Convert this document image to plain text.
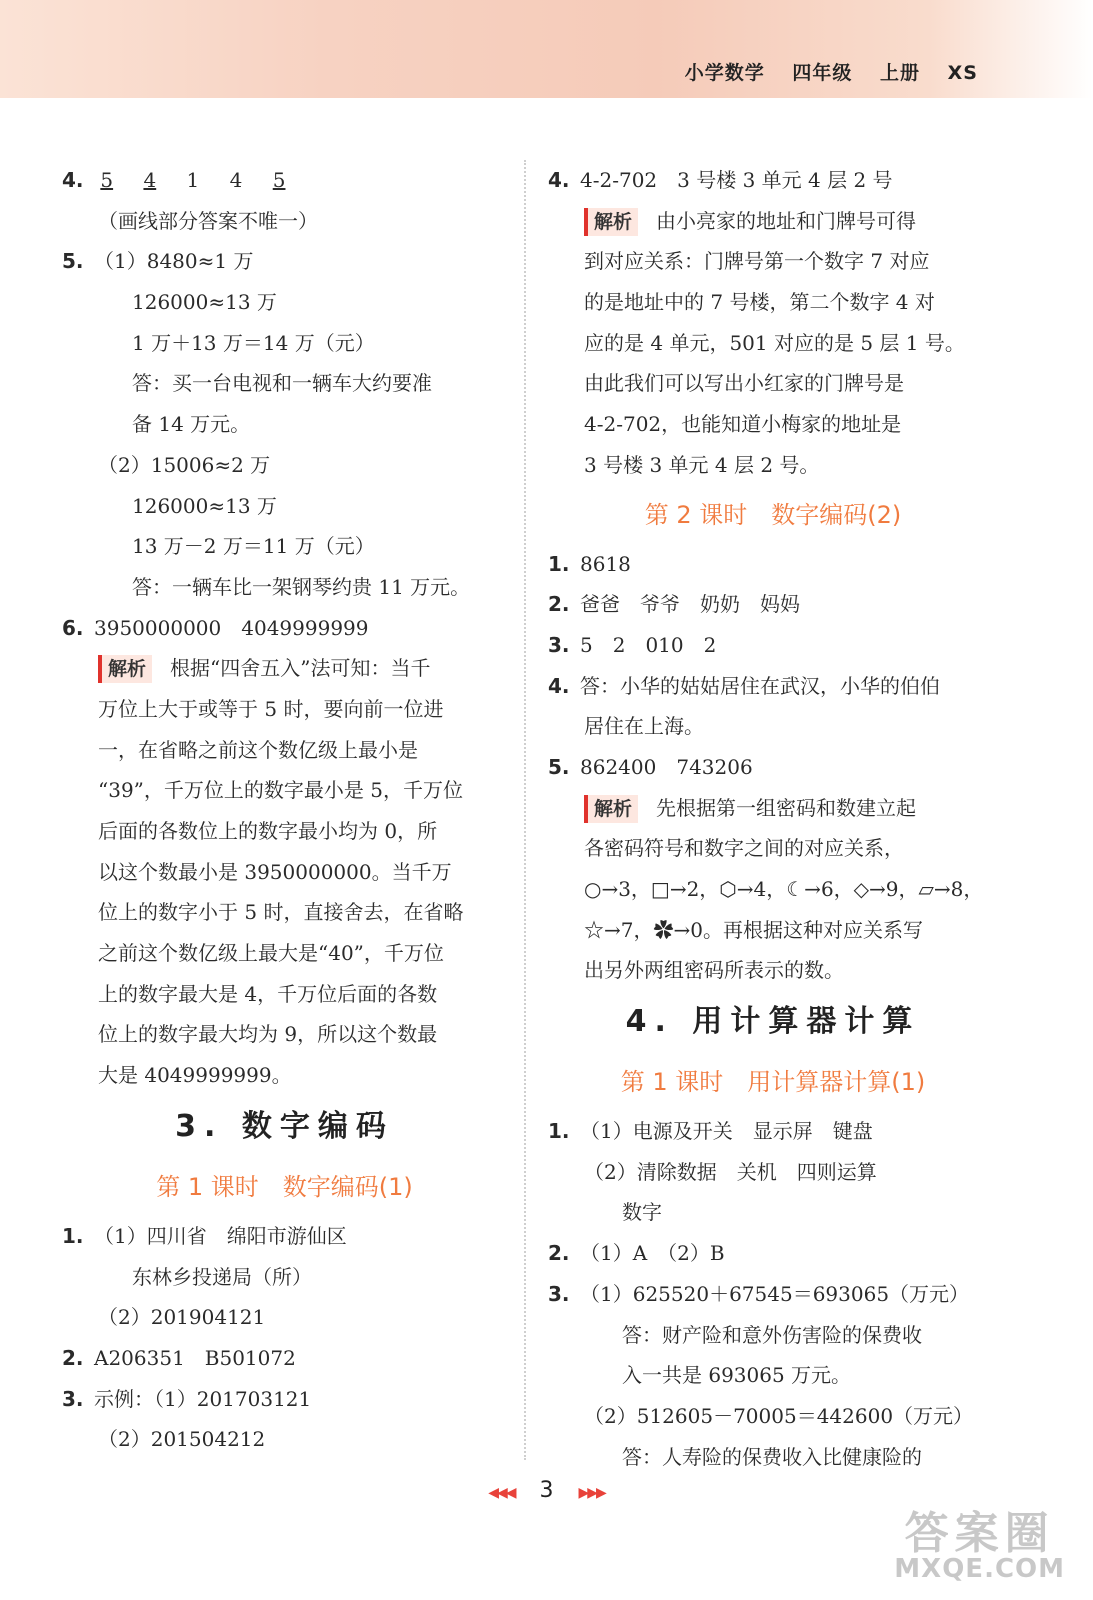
小学数学 四年级 上册 XS
4. 5 4 1 4 5
（画线部分答案不唯一）
5. （1）8480≈1 万
126000≈13 万
1 万＋13 万＝14 万（元）
答：买一台电视和一辆车大约要准
备 14 万元。
（2）15006≈2 万
126000≈13 万
13 万－2 万＝11 万（元）
答：一辆车比一架钢琴约贵 11 万元。
6. 3950000000　4049999999
解析 根据“四舍五入”法可知：当千
万位上大于或等于 5 时，要向前一位进
一，在省略之前这个数亿级上最小是
“39”，千万位上的数字最小是 5，千万位
后面的各数位上的数字最小均为 0，所
以这个数最小是 3950000000。当千万
位上的数字小于 5 时，直接舍去，在省略
之前这个数亿级上最大是“40”，千万位
上的数字最大是 4，千万位后面的各数
位上的数字最大均为 9，所以这个数最
大是 4049999999。
3. 数字编码
第 1 课时　数字编码(1)
1. （1）四川省　绵阳市游仙区
东林乡投递局（所）
（2）201904121
2. A206351　B501072
3. 示例：（1）201703121
（2）201504212
4. 4-2-702　3 号楼 3 单元 4 层 2 号
解析 由小亮家的地址和门牌号可得
到对应关系：门牌号第一个数字 7 对应
的是地址中的 7 号楼，第二个数字 4 对
应的是 4 单元，501 对应的是 5 层 1 号。
由此我们可以写出小红家的门牌号是
4-2-702，也能知道小梅家的地址是
3 号楼 3 单元 4 层 2 号。
第 2 课时　数字编码(2)
1. 8618
2. 爸爸　爷爷　奶奶　妈妈
3. 5　2　010　2
4. 答：小华的姑姑居住在武汉，小华的伯伯
居住在上海。
5. 862400　743206
解析 先根据第一组密码和数建立起
各密码符号和数字之间的对应关系，
○→3，□→2，⬡→4，☾→6，◇→9，▱→8，
☆→7，✿→0。再根据这种对应关系写
出另外两组密码所表示的数。
4. 用计算器计算
第 1 课时　用计算器计算(1)
1. （1）电源及开关　显示屏　键盘
（2）清除数据　关机　四则运算
数字
2. （1）A　（2）B
3. （1）625520＋67545＝693065（万元）
答：财产险和意外伤害险的保费收
入一共是 693065 万元。
（2）512605－70005＝442600（万元）
答：人寿险的保费收入比健康险的
◀◀◀ 3 ▶▶▶
答案圈
MXQE.COM
